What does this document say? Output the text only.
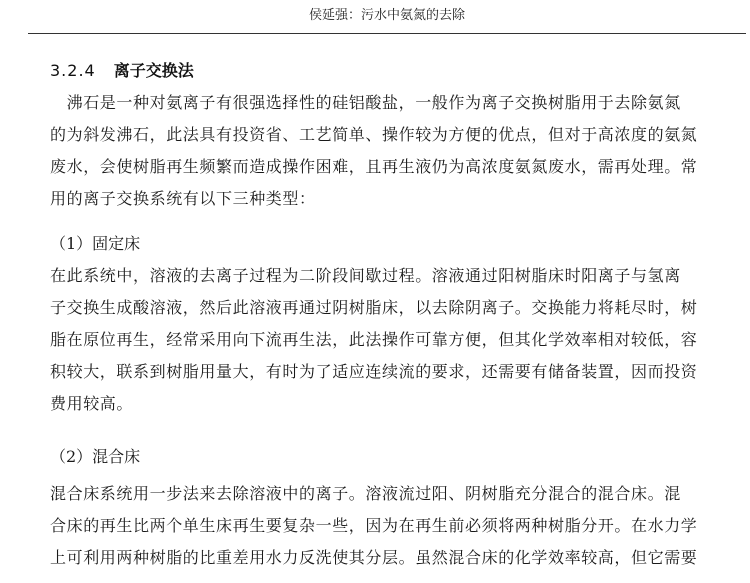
侯延强：污水中氨氮的去除
3.2.4 离子交换法
　沸石是一种对氨离子有很强选择性的硅铝酸盐，一般作为离子交换树脂用于去除氨氮
的为斜发沸石，此法具有投资省、工艺简单、操作较为方便的优点，但对于高浓度的氨氮
废水，会使树脂再生频繁而造成操作困难，且再生液仍为高浓度氨氮废水，需再处理。常
用的离子交换系统有以下三种类型：
（1）固定床
在此系统中，溶液的去离子过程为二阶段间歇过程。溶液通过阳树脂床时阳离子与氢离
子交换生成酸溶液，然后此溶液再通过阴树脂床，以去除阴离子。交换能力将耗尽时，树
脂在原位再生，经常采用向下流再生法，此法操作可靠方便，但其化学效率相对较低，容
积较大，联系到树脂用量大，有时为了适应连续流的要求，还需要有储备装置，因而投资
费用较高。
（2）混合床
混合床系统用一步法来去除溶液中的离子。溶液流过阳、阴树脂充分混合的混合床。混
合床的再生比两个单生床再生要复杂一些，因为在再生前必须将两种树脂分开。在水力学
上可利用两种树脂的比重差用水力反洗使其分层。虽然混合床的化学效率较高，但它需要
